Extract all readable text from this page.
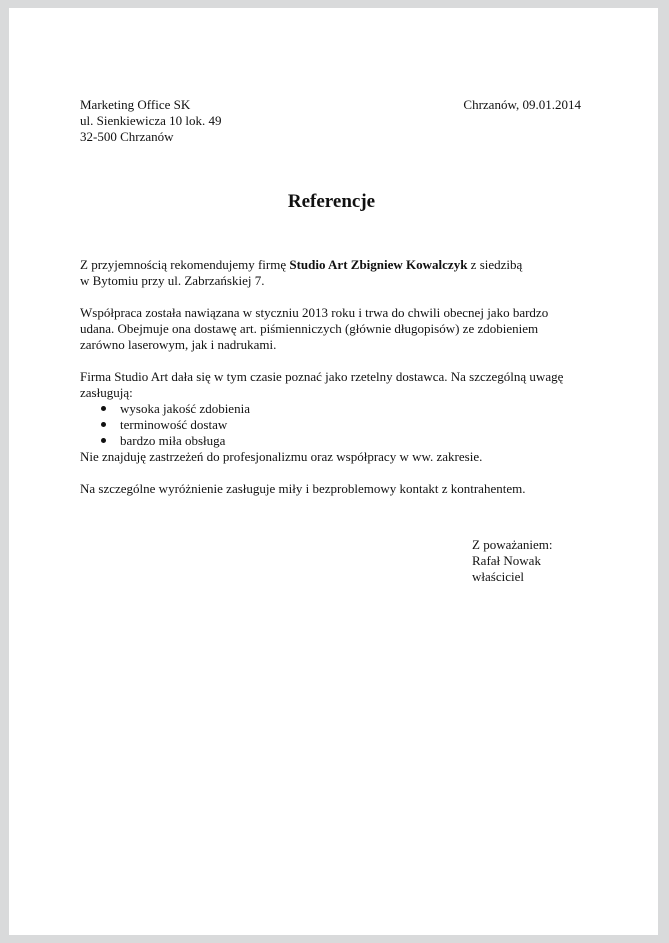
Marketing Office SK
ul. Sienkiewicza 10 lok. 49
32-500 Chrzanów
Chrzanów, 09.01.2014
Referencje

Z przyjemnością rekomendujemy firmę Studio Art Zbigniew Kowalczyk z siedzibą
w Bytomiu przy ul. Zabrzańskiej 7.

Współpraca została nawiązana w styczniu 2013 roku i trwa do chwili obecnej jako bardzo
udana. Obejmuje ona dostawę art. piśmienniczych (głównie długopisów) ze zdobieniem
zarówno laserowym, jak i nadrukami.

Firma Studio Art dała się w tym czasie poznać jako rzetelny dostawca. Na szczególną uwagę
zasługują:

wysoka jakość zdobienia
terminowość dostaw
bardzo miła obsługa

Nie znajduję zastrzeżeń do profesjonalizmu oraz współpracy w ww. zakresie.

Na szczególne wyróżnienie zasługuje miły i bezproblemowy kontakt z kontrahentem.

Z poważaniem:
Rafał Nowak
właściciel
